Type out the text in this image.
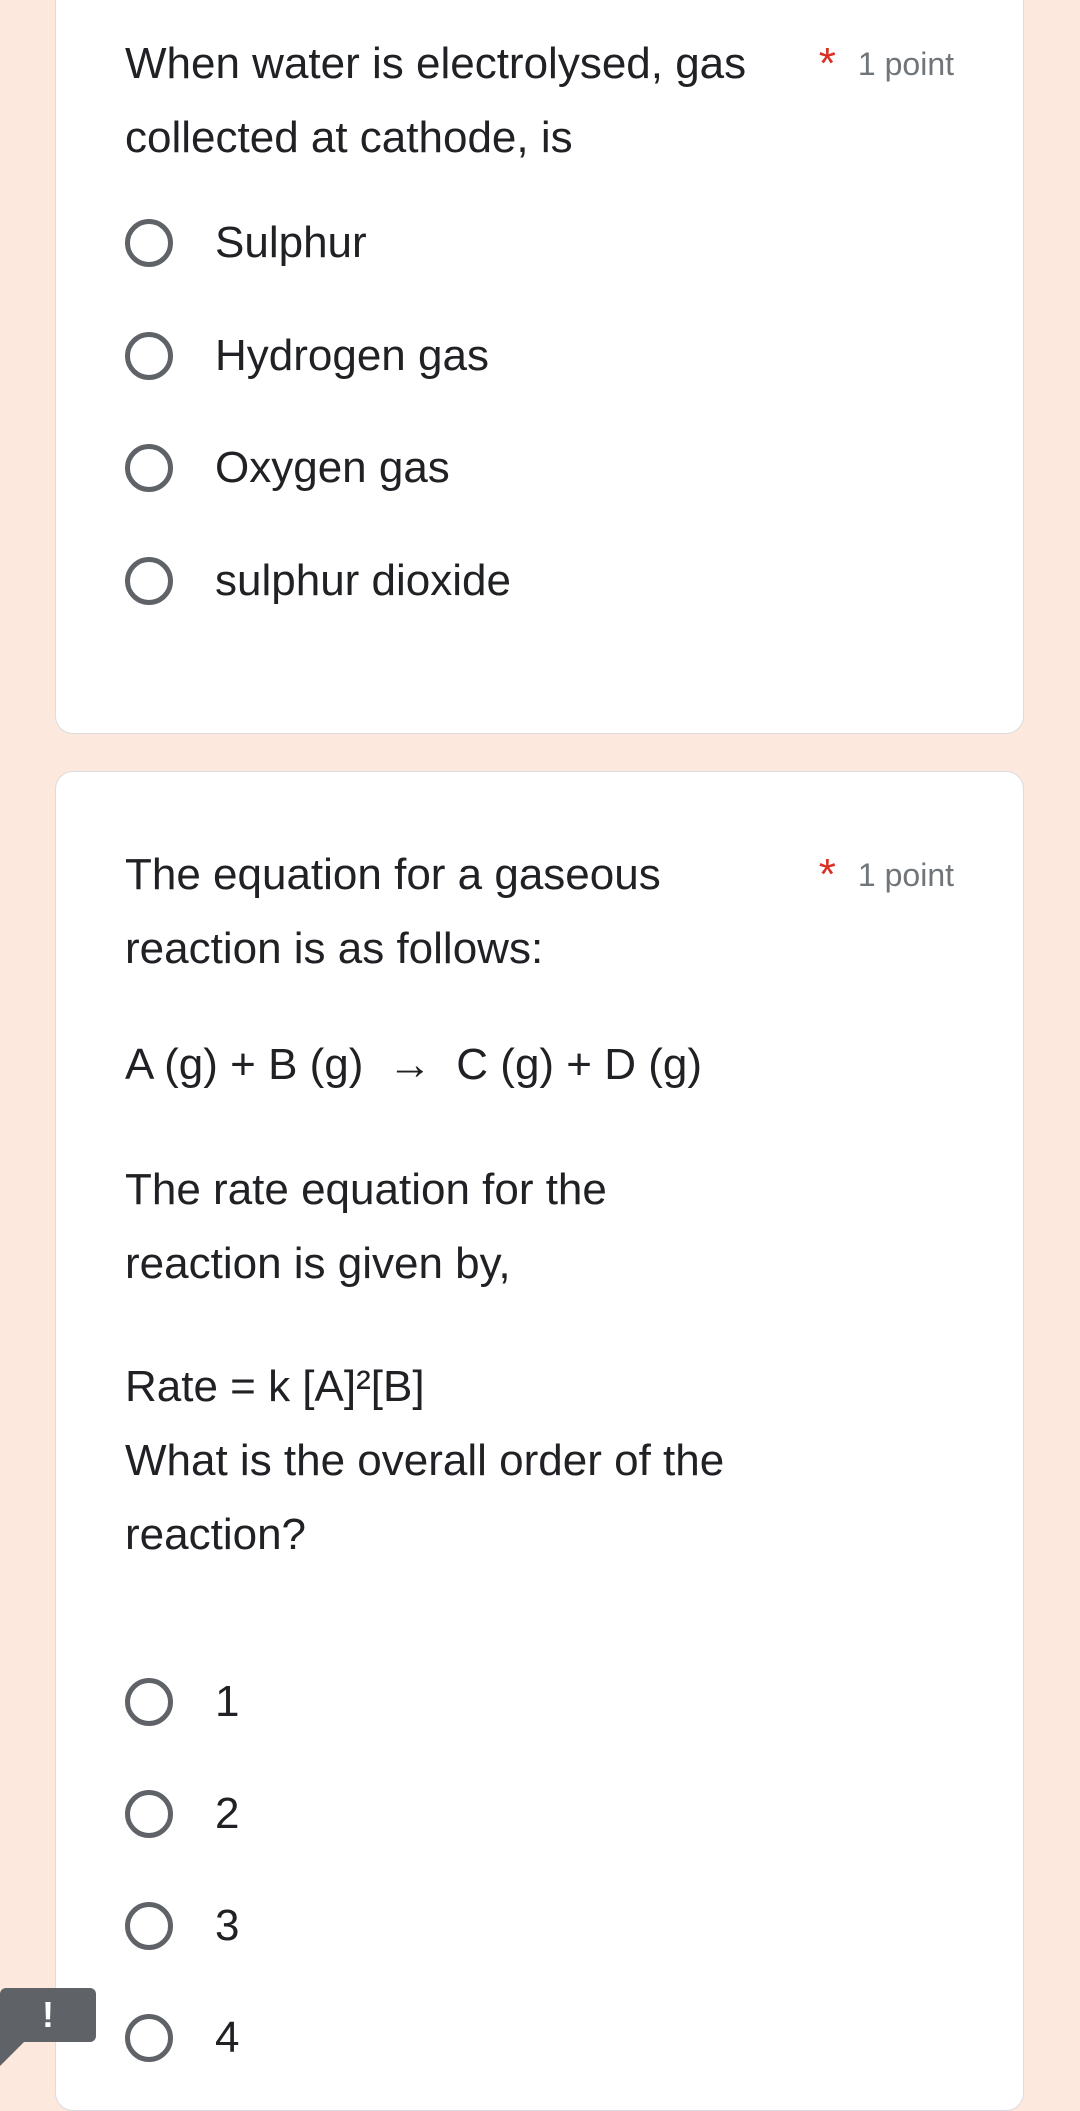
When water is electrolysed, gas collected at cathode, is
* 1 point
Sulphur
Hydrogen gas
Oxygen gas
sulphur dioxide
The equation for a gaseous reaction is as follows:
* 1 point
A (g) + B (g)  →  C (g) + D (g)
The rate equation for the
reaction is given by,
Rate = k [A]²[B]
What is the overall order of the
reaction?
1
2
3
4
!
